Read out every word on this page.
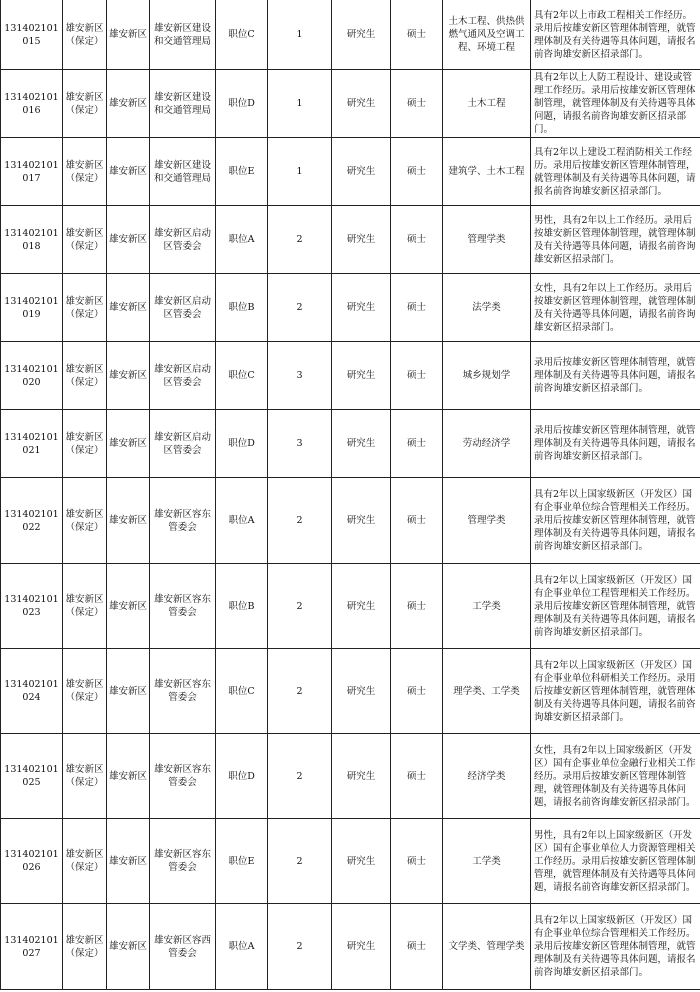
131402101015	雄安新区（保定）	雄安新区	雄安新区建设和交通管理局	职位C	1	研究生	硕士	土木工程、供热供燃气通风及空调工程、环境工程	具有2年以上市政工程相关工作经历。录用后按雄安新区管理体制管理，就管理体制及有关待遇等具体问题，请报名前咨询雄安新区招录部门。
131402101016	雄安新区（保定）	雄安新区	雄安新区建设和交通管理局	职位D	1	研究生	硕士	土木工程	具有2年以上人防工程设计、建设或管理工作经历。录用后按雄安新区管理体制管理，就管理体制及有关待遇等具体问题，请报名前咨询雄安新区招录部门。
131402101017	雄安新区（保定）	雄安新区	雄安新区建设和交通管理局	职位E	1	研究生	硕士	建筑学、土木工程	具有2年以上建设工程消防相关工作经历。录用后按雄安新区管理体制管理，就管理体制及有关待遇等具体问题，请报名前咨询雄安新区招录部门。
131402101018	雄安新区（保定）	雄安新区	雄安新区启动区管委会	职位A	2	研究生	硕士	管理学类	男性，具有2年以上工作经历。录用后按雄安新区管理体制管理，就管理体制及有关待遇等具体问题，请报名前咨询雄安新区招录部门。
131402101019	雄安新区（保定）	雄安新区	雄安新区启动区管委会	职位B	2	研究生	硕士	法学类	女性，具有2年以上工作经历。录用后按雄安新区管理体制管理，就管理体制及有关待遇等具体问题，请报名前咨询雄安新区招录部门。
131402101020	雄安新区（保定）	雄安新区	雄安新区启动区管委会	职位C	3	研究生	硕士	城乡规划学	录用后按雄安新区管理体制管理，就管理体制及有关待遇等具体问题，请报名前咨询雄安新区招录部门。
131402101021	雄安新区（保定）	雄安新区	雄安新区启动区管委会	职位D	3	研究生	硕士	劳动经济学	录用后按雄安新区管理体制管理，就管理体制及有关待遇等具体问题，请报名前咨询雄安新区招录部门。
131402101022	雄安新区（保定）	雄安新区	雄安新区容东管委会	职位A	2	研究生	硕士	管理学类	具有2年以上国家级新区（开发区）国有企事业单位综合管理相关工作经历。录用后按雄安新区管理体制管理，就管理体制及有关待遇等具体问题，请报名前咨询雄安新区招录部门。
131402101023	雄安新区（保定）	雄安新区	雄安新区容东管委会	职位B	2	研究生	硕士	工学类	具有2年以上国家级新区（开发区）国有企事业单位工程管理相关工作经历。录用后按雄安新区管理体制管理，就管理体制及有关待遇等具体问题，请报名前咨询雄安新区招录部门。
131402101024	雄安新区（保定）	雄安新区	雄安新区容东管委会	职位C	2	研究生	硕士	理学类、工学类	具有2年以上国家级新区（开发区）国有企事业单位科研相关工作经历。录用后按雄安新区管理体制管理，就管理体制及有关待遇等具体问题，请报名前咨询雄安新区招录部门。
131402101025	雄安新区（保定）	雄安新区	雄安新区容东管委会	职位D	2	研究生	硕士	经济学类	女性，具有2年以上国家级新区（开发区）国有企事业单位金融行业相关工作经历。录用后按雄安新区管理体制管理，就管理体制及有关待遇等具体问题，请报名前咨询雄安新区招录部门。
131402101026	雄安新区（保定）	雄安新区	雄安新区容东管委会	职位E	2	研究生	硕士	工学类	男性，具有2年以上国家级新区（开发区）国有企事业单位人力资源管理相关工作经历。录用后按雄安新区管理体制管理，就管理体制及有关待遇等具体问题，请报名前咨询雄安新区招录部门。
131402101027	雄安新区（保定）	雄安新区	雄安新区容西管委会	职位A	2	研究生	硕士	文学类、管理学类	具有2年以上国家级新区（开发区）国有企事业单位综合管理相关工作经历。录用后按雄安新区管理体制管理，就管理体制及有关待遇等具体问题，请报名前咨询雄安新区招录部门。
